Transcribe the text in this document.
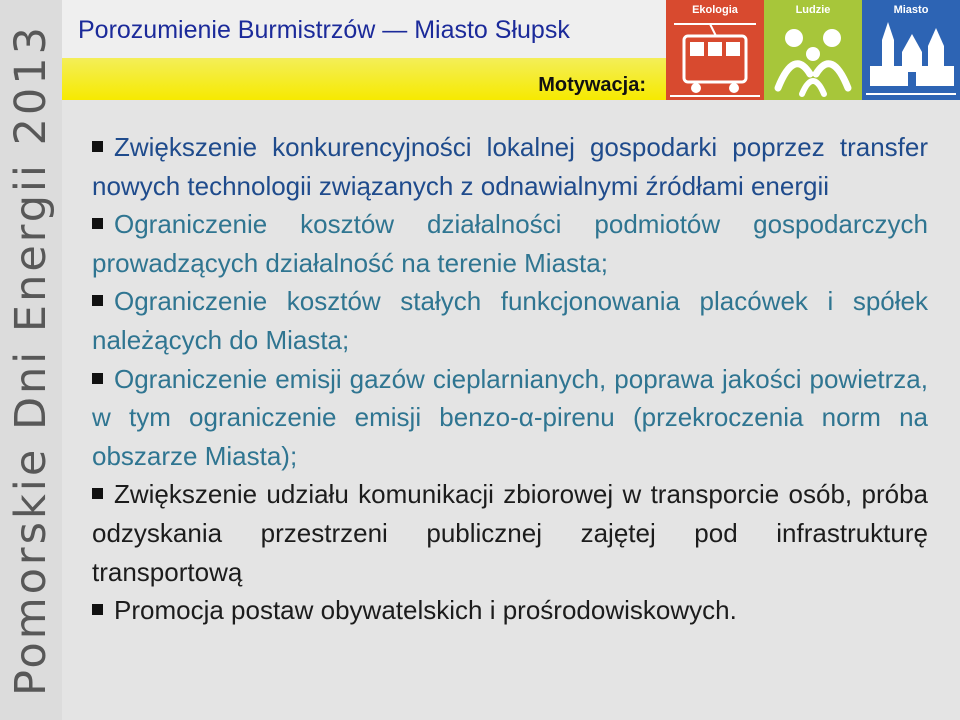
Pomorskie Dni Energii 2013 Porozumienie Burmistrzów — Miasto Słupsk
Motywacja:
Ekologia	Ludzie	Miasto

Zwiększenie konkurencyjności lokalnej gospodarki poprzez transfer nowych technologii związanych z odnawialnymi źródłami energii

Ograniczenie kosztów działalności podmiotów gospodarczych prowadzących działalność na terenie Miasta;

Ograniczenie kosztów stałych funkcjonowania placówek i spółek należących do Miasta;

Ograniczenie emisji gazów cieplarnianych, poprawa jakości powietrza, w tym ograniczenie emisji benzo-α-pirenu (przekroczenia norm na obszarze Miasta);

Zwiększenie udziału komunikacji zbiorowej w transporcie osób, próba odzyskania przestrzeni publicznej zajętej pod infrastrukturę transportową

Promocja postaw obywatelskich i prośrodowiskowych.
